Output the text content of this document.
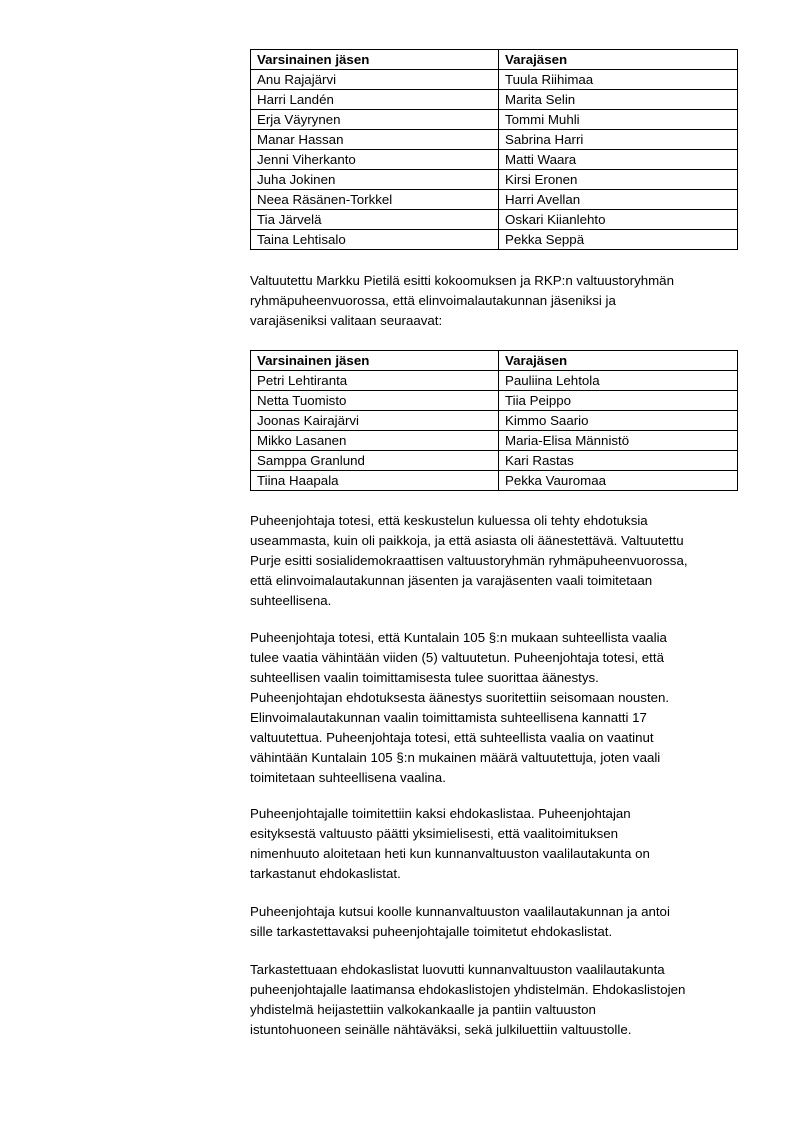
Varsinainen jäsen	Varajäsen
Anu Rajajärvi	Tuula Riihimaa
Harri Landén	Marita Selin
Erja Väyrynen	Tommi Muhli
Manar Hassan	Sabrina Harri
Jenni Viherkanto	Matti Waara
Juha Jokinen	Kirsi Eronen
Neea Räsänen-Torkkel	Harri Avellan
Tia Järvelä	Oskari Kiianlehto
Taina Lehtisalo	Pekka Seppä

Valtuutettu Markku Pietilä esitti kokoomuksen ja RKP:n valtuustoryhmän
ryhmäpuheenvuorossa, että elinvoimalautakunnan jäseniksi ja
varajäseniksi valitaan seuraavat:

Varsinainen jäsen	Varajäsen
Petri Lehtiranta	Pauliina Lehtola
Netta Tuomisto	Tiia Peippo
Joonas Kairajärvi	Kimmo Saario
Mikko Lasanen	Maria-Elisa Männistö
Samppa Granlund	Kari Rastas
Tiina Haapala	Pekka Vauromaa

Puheenjohtaja totesi, että keskustelun kuluessa oli tehty ehdotuksia
useammasta, kuin oli paikkoja, ja että asiasta oli äänestettävä. Valtuutettu
Purje esitti sosialidemokraattisen valtuustoryhmän ryhmäpuheenvuorossa,
että elinvoimalautakunnan jäsenten ja varajäsenten vaali toimitetaan
suhteellisena.

Puheenjohtaja totesi, että Kuntalain 105 §:n mukaan suhteellista vaalia
tulee vaatia vähintään viiden (5) valtuutetun. Puheenjohtaja totesi, että
suhteellisen vaalin toimittamisesta tulee suorittaa äänestys.
Puheenjohtajan ehdotuksesta äänestys suoritettiin seisomaan nousten.
Elinvoimalautakunnan vaalin toimittamista suhteellisena kannatti 17
valtuutettua. Puheenjohtaja totesi, että suhteellista vaalia on vaatinut
vähintään Kuntalain 105 §:n mukainen määrä valtuutettuja, joten vaali
toimitetaan suhteellisena vaalina.

Puheenjohtajalle toimitettiin kaksi ehdokaslistaa. Puheenjohtajan
esityksestä valtuusto päätti yksimielisesti, että vaalitoimituksen
nimenhuuto aloitetaan heti kun kunnanvaltuuston vaalilautakunta on
tarkastanut ehdokaslistat.

Puheenjohtaja kutsui koolle kunnanvaltuuston vaalilautakunnan ja antoi
sille tarkastettavaksi puheenjohtajalle toimitetut ehdokaslistat.

Tarkastettuaan ehdokaslistat luovutti kunnanvaltuuston vaalilautakunta
puheenjohtajalle laatimansa ehdokaslistojen yhdistelmän. Ehdokaslistojen
yhdistelmä heijastettiin valkokankaalle ja pantiin valtuuston
istuntohuoneen seinälle nähtäväksi, sekä julkiluettiin valtuustolle.
